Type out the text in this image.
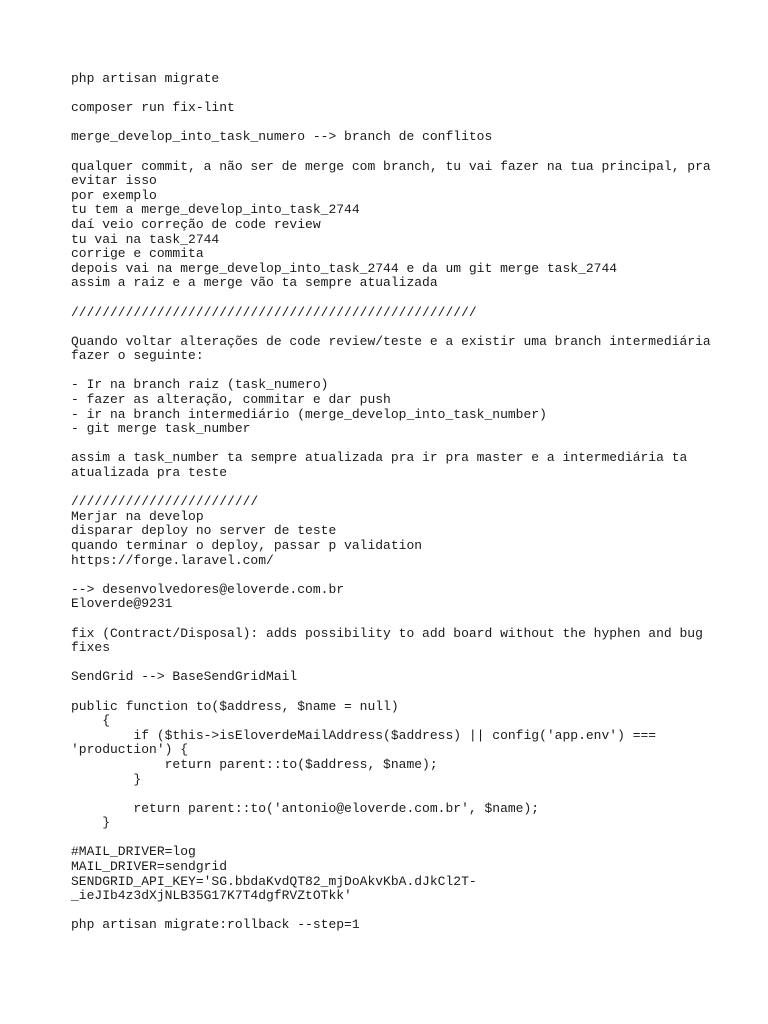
php artisan migrate
composer run fix-lint
merge_develop_into_task_numero --> branch de conflitos
qualquer commit, a não ser de merge com branch, tu vai fazer na tua principal, pra
evitar isso
por exemplo
tu tem a merge_develop_into_task_2744
daí veio correção de code review
tu vai na task_2744
corrige e commita
depois vai na merge_develop_into_task_2744 e da um git merge task_2744
assim a raiz e a merge vão ta sempre atualizada
////////////////////////////////////////////////////
Quando voltar alterações de code review/teste e a existir uma branch intermediária
fazer o seguinte:
- Ir na branch raiz (task_numero)
- fazer as alteração, commitar e dar push
- ir na branch intermediário (merge_develop_into_task_number)
- git merge task_number
assim a task_number ta sempre atualizada pra ir pra master e a intermediária ta
atualizada pra teste
////////////////////////
Merjar na develop
disparar deploy no server de teste
quando terminar o deploy, passar p validation
https://forge.laravel.com/
--> desenvolvedores@eloverde.com.br
Eloverde@9231
fix (Contract/Disposal): adds possibility to add board without the hyphen and bug
fixes
SendGrid --> BaseSendGridMail
public function to($address, $name = null)
{
if ($this->isEloverdeMailAddress($address) || config('app.env') ===
'production') {
return parent::to($address, $name);
}
return parent::to('antonio@eloverde.com.br', $name);
}
#MAIL_DRIVER=log
MAIL_DRIVER=sendgrid
SENDGRID_API_KEY='SG.bbdaKvdQT82_mjDoAkvKbA.dJkCl2T-
_ieJIb4z3dXjNLB35G17K7T4dgfRVZtOTkk'
php artisan migrate:rollback --step=1
